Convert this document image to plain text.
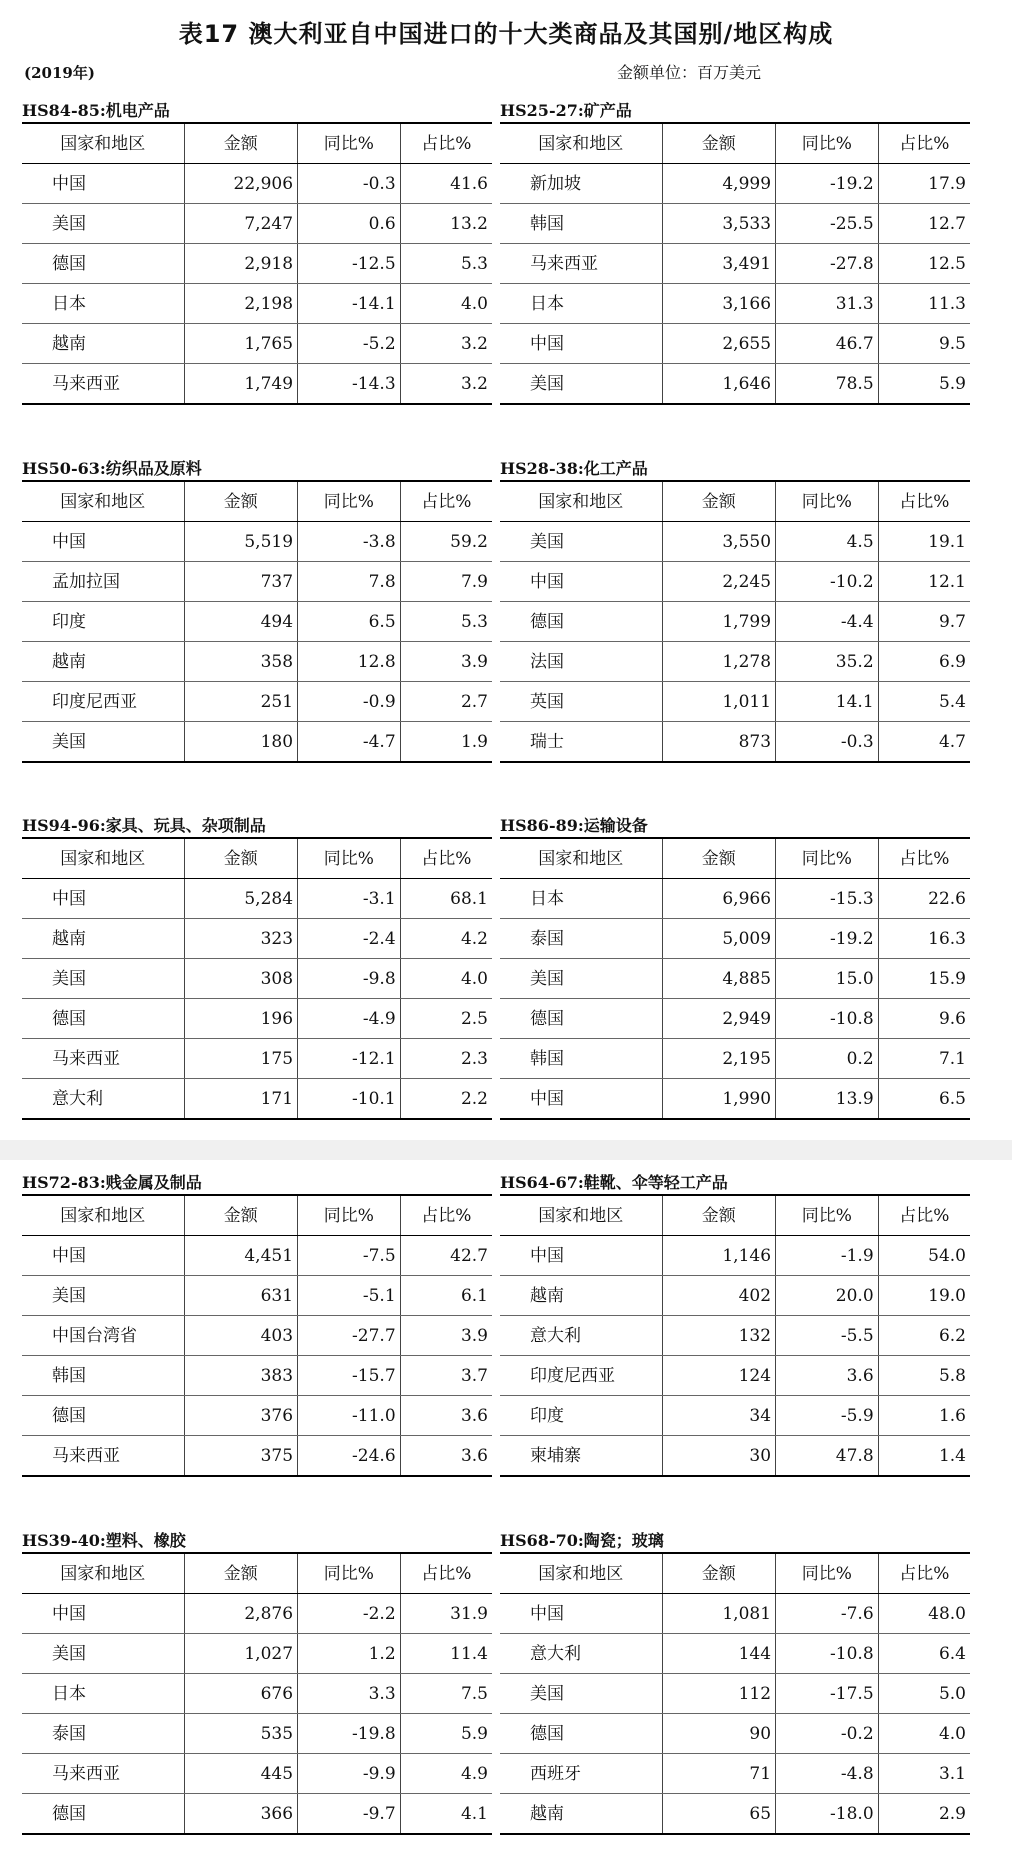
表17 澳大利亚自中国进口的十大类商品及其国别/地区构成
(2019年)	金额单位：百万美元
HS84-85:机电产品
国家和地区	金额	同比%	占比%
中国	22,906	-0.3	41.6
美国	7,247	0.6	13.2
德国	2,918	-12.5	5.3
日本	2,198	-14.1	4.0
越南	1,765	-5.2	3.2
马来西亚	1,749	-14.3	3.2
HS25-27:矿产品
国家和地区	金额	同比%	占比%
新加坡	4,999	-19.2	17.9
韩国	3,533	-25.5	12.7
马来西亚	3,491	-27.8	12.5
日本	3,166	31.3	11.3
中国	2,655	46.7	9.5
美国	1,646	78.5	5.9
HS50-63:纺织品及原料
国家和地区	金额	同比%	占比%
中国	5,519	-3.8	59.2
孟加拉国	737	7.8	7.9
印度	494	6.5	5.3
越南	358	12.8	3.9
印度尼西亚	251	-0.9	2.7
美国	180	-4.7	1.9
HS28-38:化工产品
国家和地区	金额	同比%	占比%
美国	3,550	4.5	19.1
中国	2,245	-10.2	12.1
德国	1,799	-4.4	9.7
法国	1,278	35.2	6.9
英国	1,011	14.1	5.4
瑞士	873	-0.3	4.7
HS94-96:家具、玩具、杂项制品
国家和地区	金额	同比%	占比%
中国	5,284	-3.1	68.1
越南	323	-2.4	4.2
美国	308	-9.8	4.0
德国	196	-4.9	2.5
马来西亚	175	-12.1	2.3
意大利	171	-10.1	2.2
HS86-89:运输设备
国家和地区	金额	同比%	占比%
日本	6,966	-15.3	22.6
泰国	5,009	-19.2	16.3
美国	4,885	15.0	15.9
德国	2,949	-10.8	9.6
韩国	2,195	0.2	7.1
中国	1,990	13.9	6.5
HS72-83:贱金属及制品
国家和地区	金额	同比%	占比%
中国	4,451	-7.5	42.7
美国	631	-5.1	6.1
中国台湾省	403	-27.7	3.9
韩国	383	-15.7	3.7
德国	376	-11.0	3.6
马来西亚	375	-24.6	3.6
HS64-67:鞋靴、伞等轻工产品
国家和地区	金额	同比%	占比%
中国	1,146	-1.9	54.0
越南	402	20.0	19.0
意大利	132	-5.5	6.2
印度尼西亚	124	3.6	5.8
印度	34	-5.9	1.6
柬埔寨	30	47.8	1.4
HS39-40:塑料、橡胶
国家和地区	金额	同比%	占比%
中国	2,876	-2.2	31.9
美国	1,027	1.2	11.4
日本	676	3.3	7.5
泰国	535	-19.8	5.9
马来西亚	445	-9.9	4.9
德国	366	-9.7	4.1
HS68-70:陶瓷；玻璃
国家和地区	金额	同比%	占比%
中国	1,081	-7.6	48.0
意大利	144	-10.8	6.4
美国	112	-17.5	5.0
德国	90	-0.2	4.0
西班牙	71	-4.8	3.1
越南	65	-18.0	2.9
